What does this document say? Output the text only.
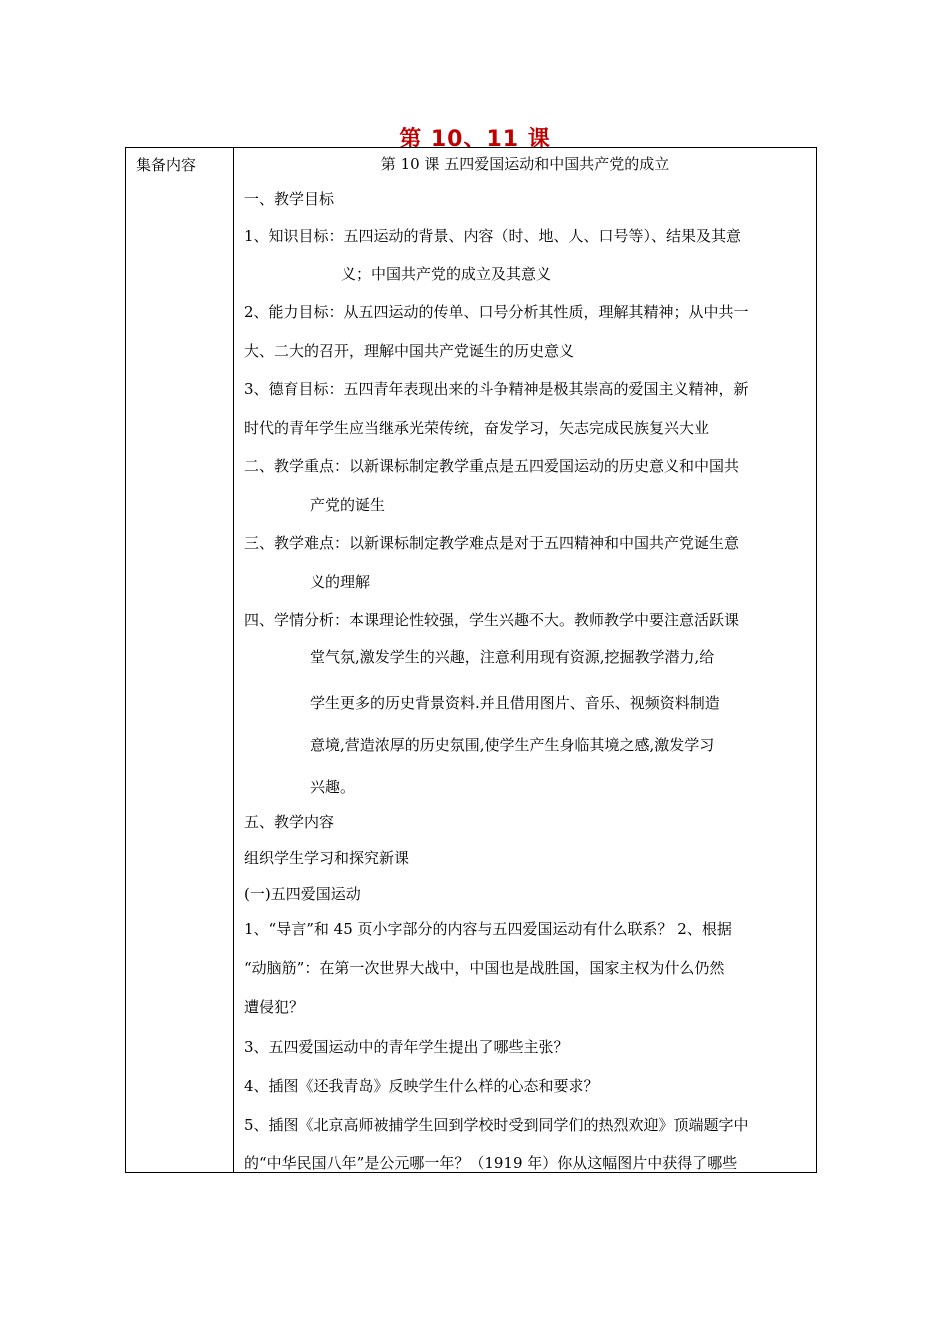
第 10、11 课
集备内容	第 10 课 五四爱国运动和中国共产党的成立
一、教学目标
1、知识目标：五四运动的背景、内容（时、地、人、口号等）、结果及其意
义；中国共产党的成立及其意义
2、能力目标：从五四运动的传单、口号分析其性质，理解其精神；从中共一
大、二大的召开，理解中国共产党诞生的历史意义
3、德育目标：五四青年表现出来的斗争精神是极其崇高的爱国主义精神，新
时代的青年学生应当继承光荣传统，奋发学习，矢志完成民族复兴大业
二、教学重点：以新课标制定教学重点是五四爱国运动的历史意义和中国共
产党的诞生
三、教学难点：以新课标制定教学难点是对于五四精神和中国共产党诞生意
义的理解
四、学情分析：本课理论性较强，学生兴趣不大。教师教学中要注意活跃课
堂气氛,激发学生的兴趣，注意利用现有资源,挖掘教学潜力,给
学生更多的历史背景资料.并且借用图片、音乐、视频资料制造
意境,营造浓厚的历史氛围,使学生产生身临其境之感,激发学习
兴趣。
五、教学内容
组织学生学习和探究新课
(一)五四爱国运动
1、“导言”和 45 页小字部分的内容与五四爱国运动有什么联系？ 2、根据
“动脑筋”：在第一次世界大战中，中国也是战胜国，国家主权为什么仍然
遭侵犯？
3、五四爱国运动中的青年学生提出了哪些主张？
4、插图《还我青岛》反映学生什么样的心态和要求？
5、插图《北京高师被捕学生回到学校时受到同学们的热烈欢迎》顶端题字中
的“中华民国八年”是公元哪一年？（1919 年）你从这幅图片中获得了哪些
